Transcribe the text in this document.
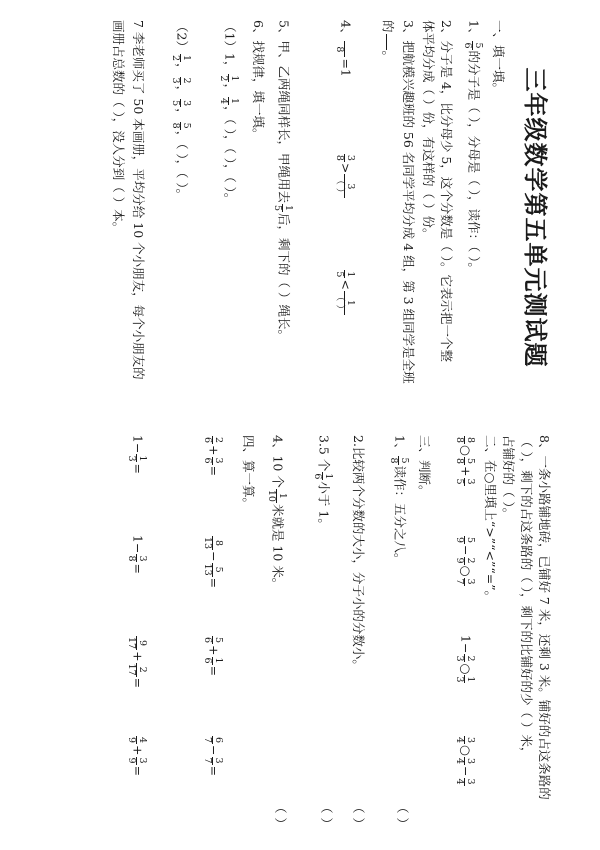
三年级数学第五单元测试题
一、填一填。
1、
5
6
的分子是（ ），分母是（ ），读作：（ ）。
2、分子是 4，比分母少 5，这个分数是（ ）。它表示把一个整
体平均分成（ ）份，有这样的（ ）份。
3、把航模兴趣班的 56 名同学平均分成 4 组，第 3 组同学是全班
的

。
4、

8
=1
3
8
>
3
（ ）

1
5
<
1
（ ）
5、甲、乙两绳同样长，甲绳用去
1
5
后，剩下的（ ）绳长。
6、找规律，填一填。
（1）1，
1
2
，
1
4
，（ ），（ ），（ ）。
（2）
1
2
，
2
3
，
3
5
，
5
8
，（ ），（ ）。
7 李老师买了 50 本画册，平均分给 10 个小朋友，每个小朋友的
画册占总数的（ ），没人分到（ ）本。
8、一条小路铺地砖，已铺好 7 米，还剩 3 米。铺好的占这条路的
（ ），剩下的占这条路的（ ），剩下的比铺好的少（ ）米，
占铺好的（ ）。
二、在○里填上“>”“<”“=”。
8
8
○
5
8
+
3
5
5
9
−
2
9
○
3
7
1−
2
3
○
1
3
3
4
○
3
4
−
3
4
三、判断。
1、
5
8
读作：五分之八。
（ ）
2.比较两个分数的大小，分子小的分数小。
（ ）
3.5 个
1
6
小于 1。
（ ）
4、10 个
1
10
米就是 10 米。
（ ）
四、算一算。
2
6
+
3
6
=
8
13
−
5
13
=
5
6
+
1
6
=
6
7
−
3
7
=
1−
1
3
=
1−
3
8
=
9
17
+
2
17
=
4
9
+
3
9
=
